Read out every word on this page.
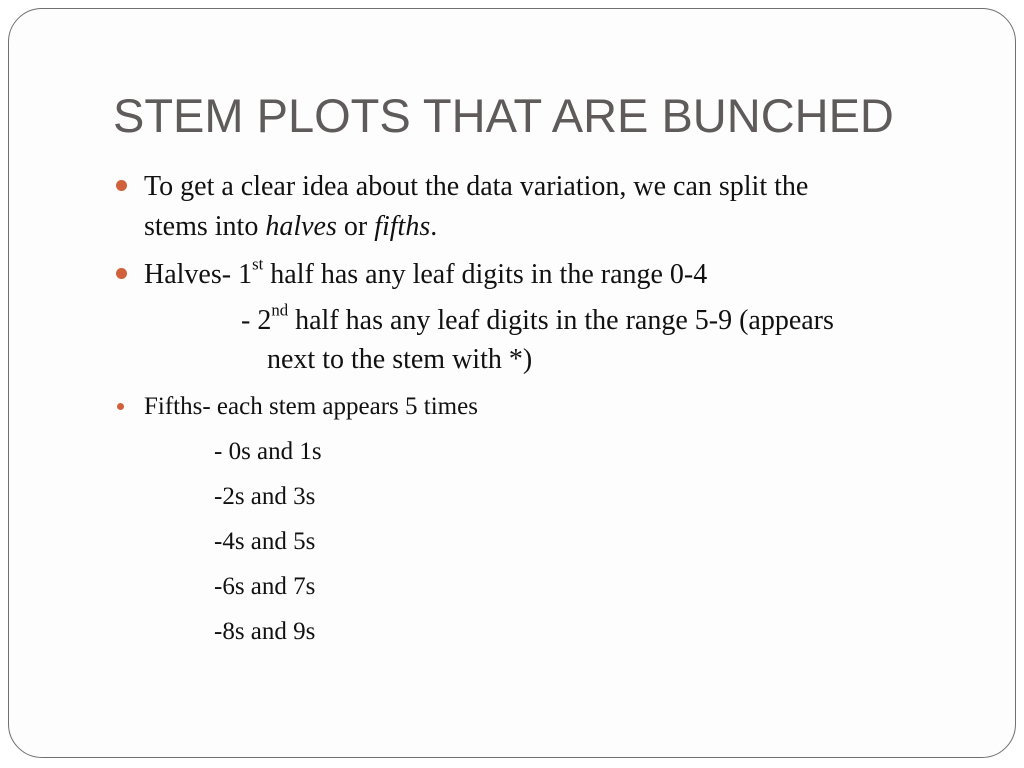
STEM PLOTS THAT ARE BUNCHED

To get a clear idea about the data variation, we can split the

stems into halves or fifths.

Halves- 1st half has any leaf digits in the range 0-4

- 2nd half has any leaf digits in the range 5-9 (appears

next to the stem with *)

Fifths- each stem appears 5 times

- 0s and 1s

-2s and 3s

-4s and 5s

-6s and 7s

-8s and 9s
